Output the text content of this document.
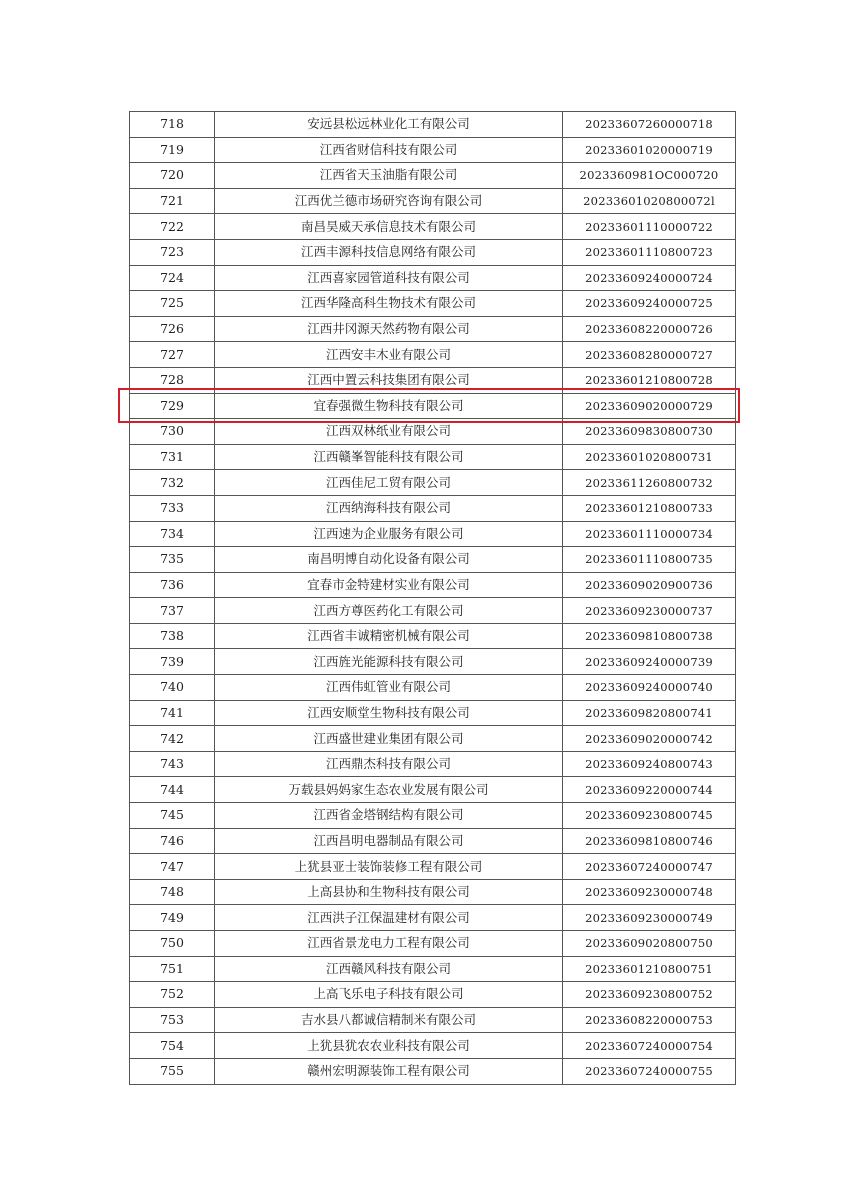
718	安远县松远林业化工有限公司	20233607260000718
719	江西省财信科技有限公司	20233601020000719
720	江西省天玉油脂有限公司	2023360981OC000720
721	江西优兰德市场研究咨询有限公司	20233601020800072l
722	南昌昊威天承信息技术有限公司	20233601110000722
723	江西丰源科技信息网络有限公司	20233601110800723
724	江西喜家园管道科技有限公司	20233609240000724
725	江西华隆高科生物技术有限公司	20233609240000725
726	江西井冈源天然药物有限公司	20233608220000726
727	江西安丰木业有限公司	20233608280000727
728	江西中置云科技集团有限公司	20233601210800728
729	宜春强微生物科技有限公司	20233609020000729
730	江西双林纸业有限公司	20233609830800730
731	江西赣峯智能科技有限公司	20233601020800731
732	江西佳尼工贸有限公司	20233611260800732
733	江西纳海科技有限公司	20233601210800733
734	江西速为企业服务有限公司	20233601110000734
735	南昌明博自动化设备有限公司	20233601110800735
736	宜春市金特建材实业有限公司	20233609020900736
737	江西方尊医药化工有限公司	20233609230000737
738	江西省丰诚精密机械有限公司	20233609810800738
739	江西旌光能源科技有限公司	20233609240000739
740	江西伟虹管业有限公司	20233609240000740
741	江西安顺堂生物科技有限公司	20233609820800741
742	江西盛世建业集团有限公司	20233609020000742
743	江西鼎杰科技有限公司	20233609240800743
744	万载县妈妈家生态农业发展有限公司	20233609220000744
745	江西省金塔钢结构有限公司	20233609230800745
746	江西昌明电器制品有限公司	20233609810800746
747	上犹县亚士装饰装修工程有限公司	20233607240000747
748	上高县协和生物科技有限公司	20233609230000748
749	江西洪子江保温建材有限公司	20233609230000749
750	江西省景龙电力工程有限公司	20233609020800750
751	江西赣风科技有限公司	20233601210800751
752	上高飞乐电子科技有限公司	20233609230800752
753	吉水县八都诚信精制米有限公司	20233608220000753
754	上犹县犹农农业科技有限公司	20233607240000754
755	赣州宏明源装饰工程有限公司	20233607240000755
